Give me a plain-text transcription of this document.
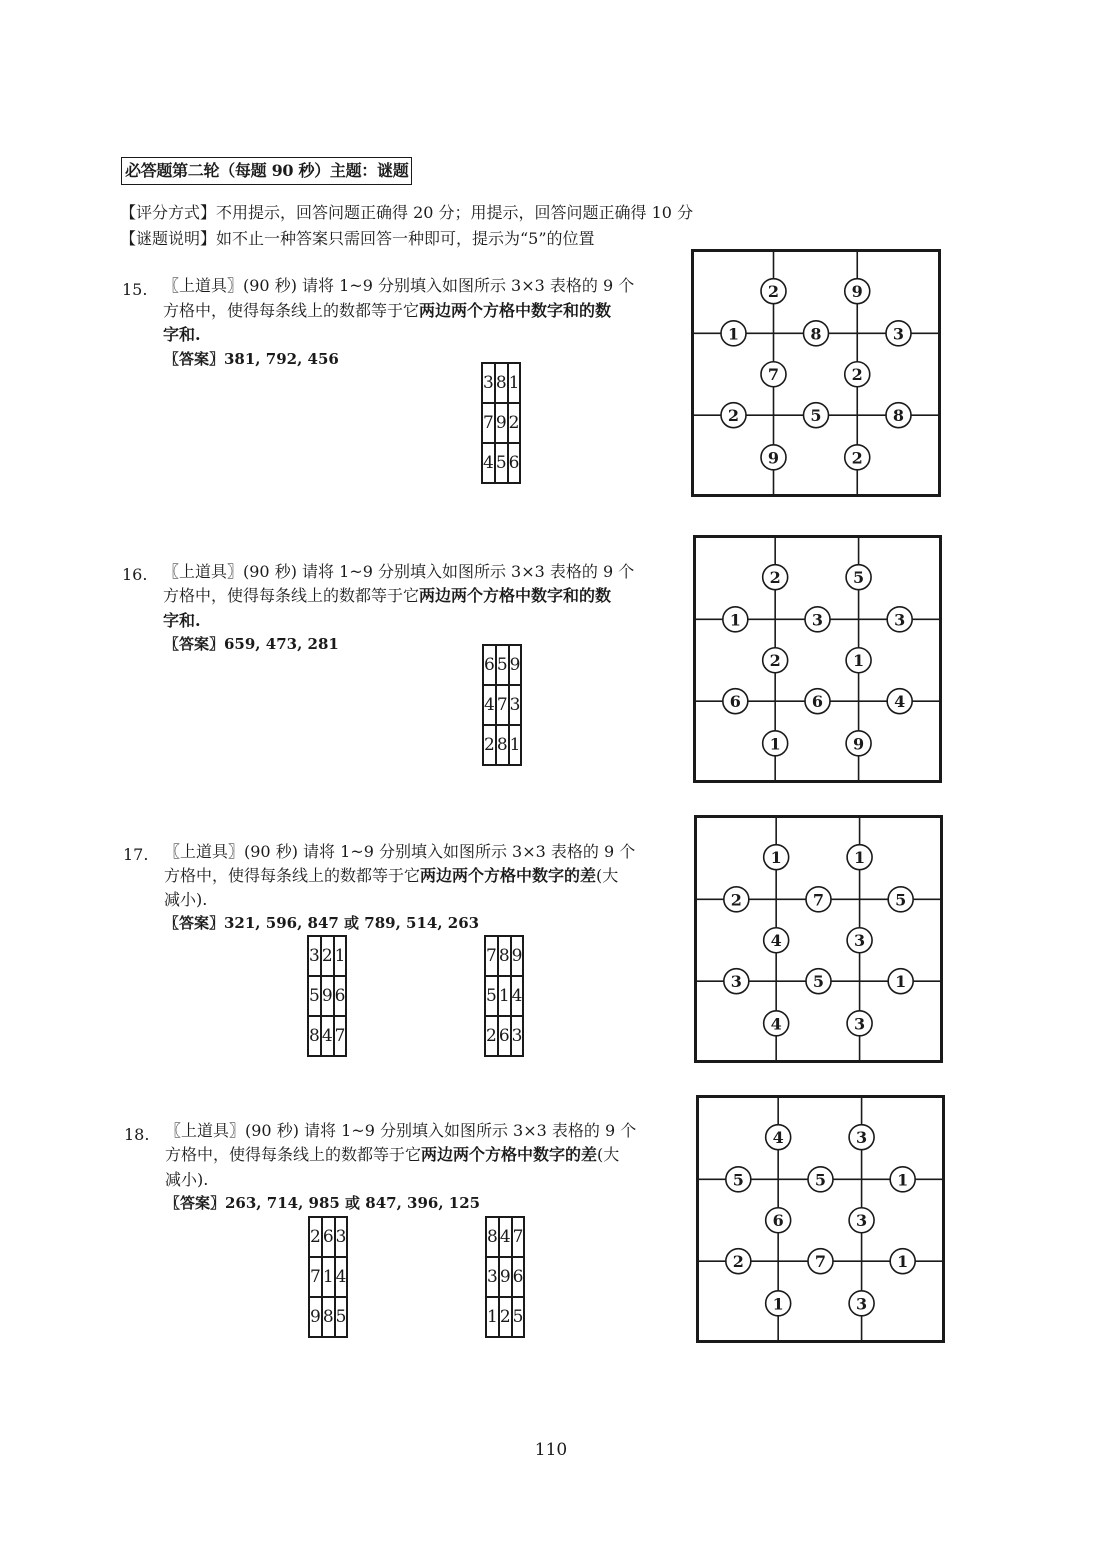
必答题第二轮（每题 90 秒）主题：谜题
【评分方式】不用提示，回答问题正确得 20 分；用提示，回答问题正确得 10 分
【谜题说明】如不止一种答案只需回答一种即可，提示为“5”的位置
15. 〖上道具〗(90 秒) 请将 1~9 分别填入如图所示 3×3 表格的 9 个
方格中，使得每条线上的数都等于它两边两个方格中数字和的数
字和.
〖答案〗381, 792, 456
3	8	1
7	9	2
4	5	6
2	9
1	8	3
7	2
2	5	8
9	2
16. 〖上道具〗(90 秒) 请将 1~9 分别填入如图所示 3×3 表格的 9 个
方格中，使得每条线上的数都等于它两边两个方格中数字和的数
字和.
〖答案〗659, 473, 281
6	5	9
4	7	3
2	8	1
2	5
1	3	3
2	1
6	6	4
1	9
17. 〖上道具〗(90 秒) 请将 1~9 分别填入如图所示 3×3 表格的 9 个
方格中，使得每条线上的数都等于它两边两个方格中数字的差(大
减小).
〖答案〗321, 596, 847 或 789, 514, 263
3	2	1
5	9	6
8	4	7
7	8	9
5	1	4
2	6	3
1	1
2	7	5
4	3
3	5	1
4	3
18. 〖上道具〗(90 秒) 请将 1~9 分别填入如图所示 3×3 表格的 9 个
方格中，使得每条线上的数都等于它两边两个方格中数字的差(大
减小).
〖答案〗263, 714, 985 或 847, 396, 125
2	6	3
7	1	4
9	8	5
8	4	7
3	9	6
1	2	5
4	3
5	5	1
6	3
2	7	1
1	3
110
